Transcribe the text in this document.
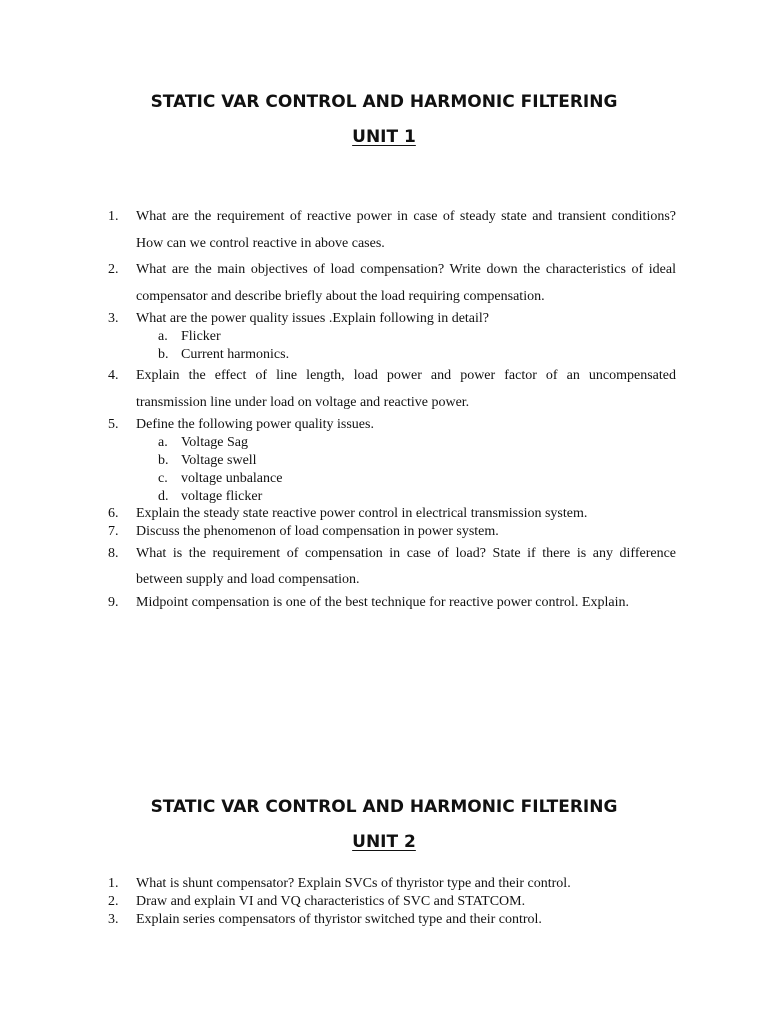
STATIC VAR CONTROL AND HARMONIC FILTERING
UNIT 1
1.	What are the requirement of reactive power in case of steady state and transient conditions? How can we control reactive in above cases.
2.	What are the main objectives of load compensation? Write down the characteristics of ideal compensator and describe briefly about the load requiring compensation.
3.	What are the power quality issues .Explain following in detail?
a. Flicker
b. Current harmonics.
4.	Explain the effect of line length, load power and power factor of an uncompensated transmission line under load on voltage and reactive power.
5.	Define the following power quality issues.
a. Voltage Sag
b. Voltage swell
c. voltage unbalance
d. voltage flicker
6.	Explain the steady state reactive power control in electrical transmission system.
7.	Discuss the phenomenon of load compensation in power system.
8.	What is the requirement of compensation in case of load? State if there is any difference between supply and load compensation.
9.	Midpoint compensation is one of the best technique for reactive power control. Explain.
STATIC VAR CONTROL AND HARMONIC FILTERING
UNIT 2
1.	What is shunt compensator? Explain SVCs of thyristor type and their control.
2.	Draw and explain VI and VQ characteristics of SVC and STATCOM.
3.	Explain series compensators of thyristor switched type and their control.
